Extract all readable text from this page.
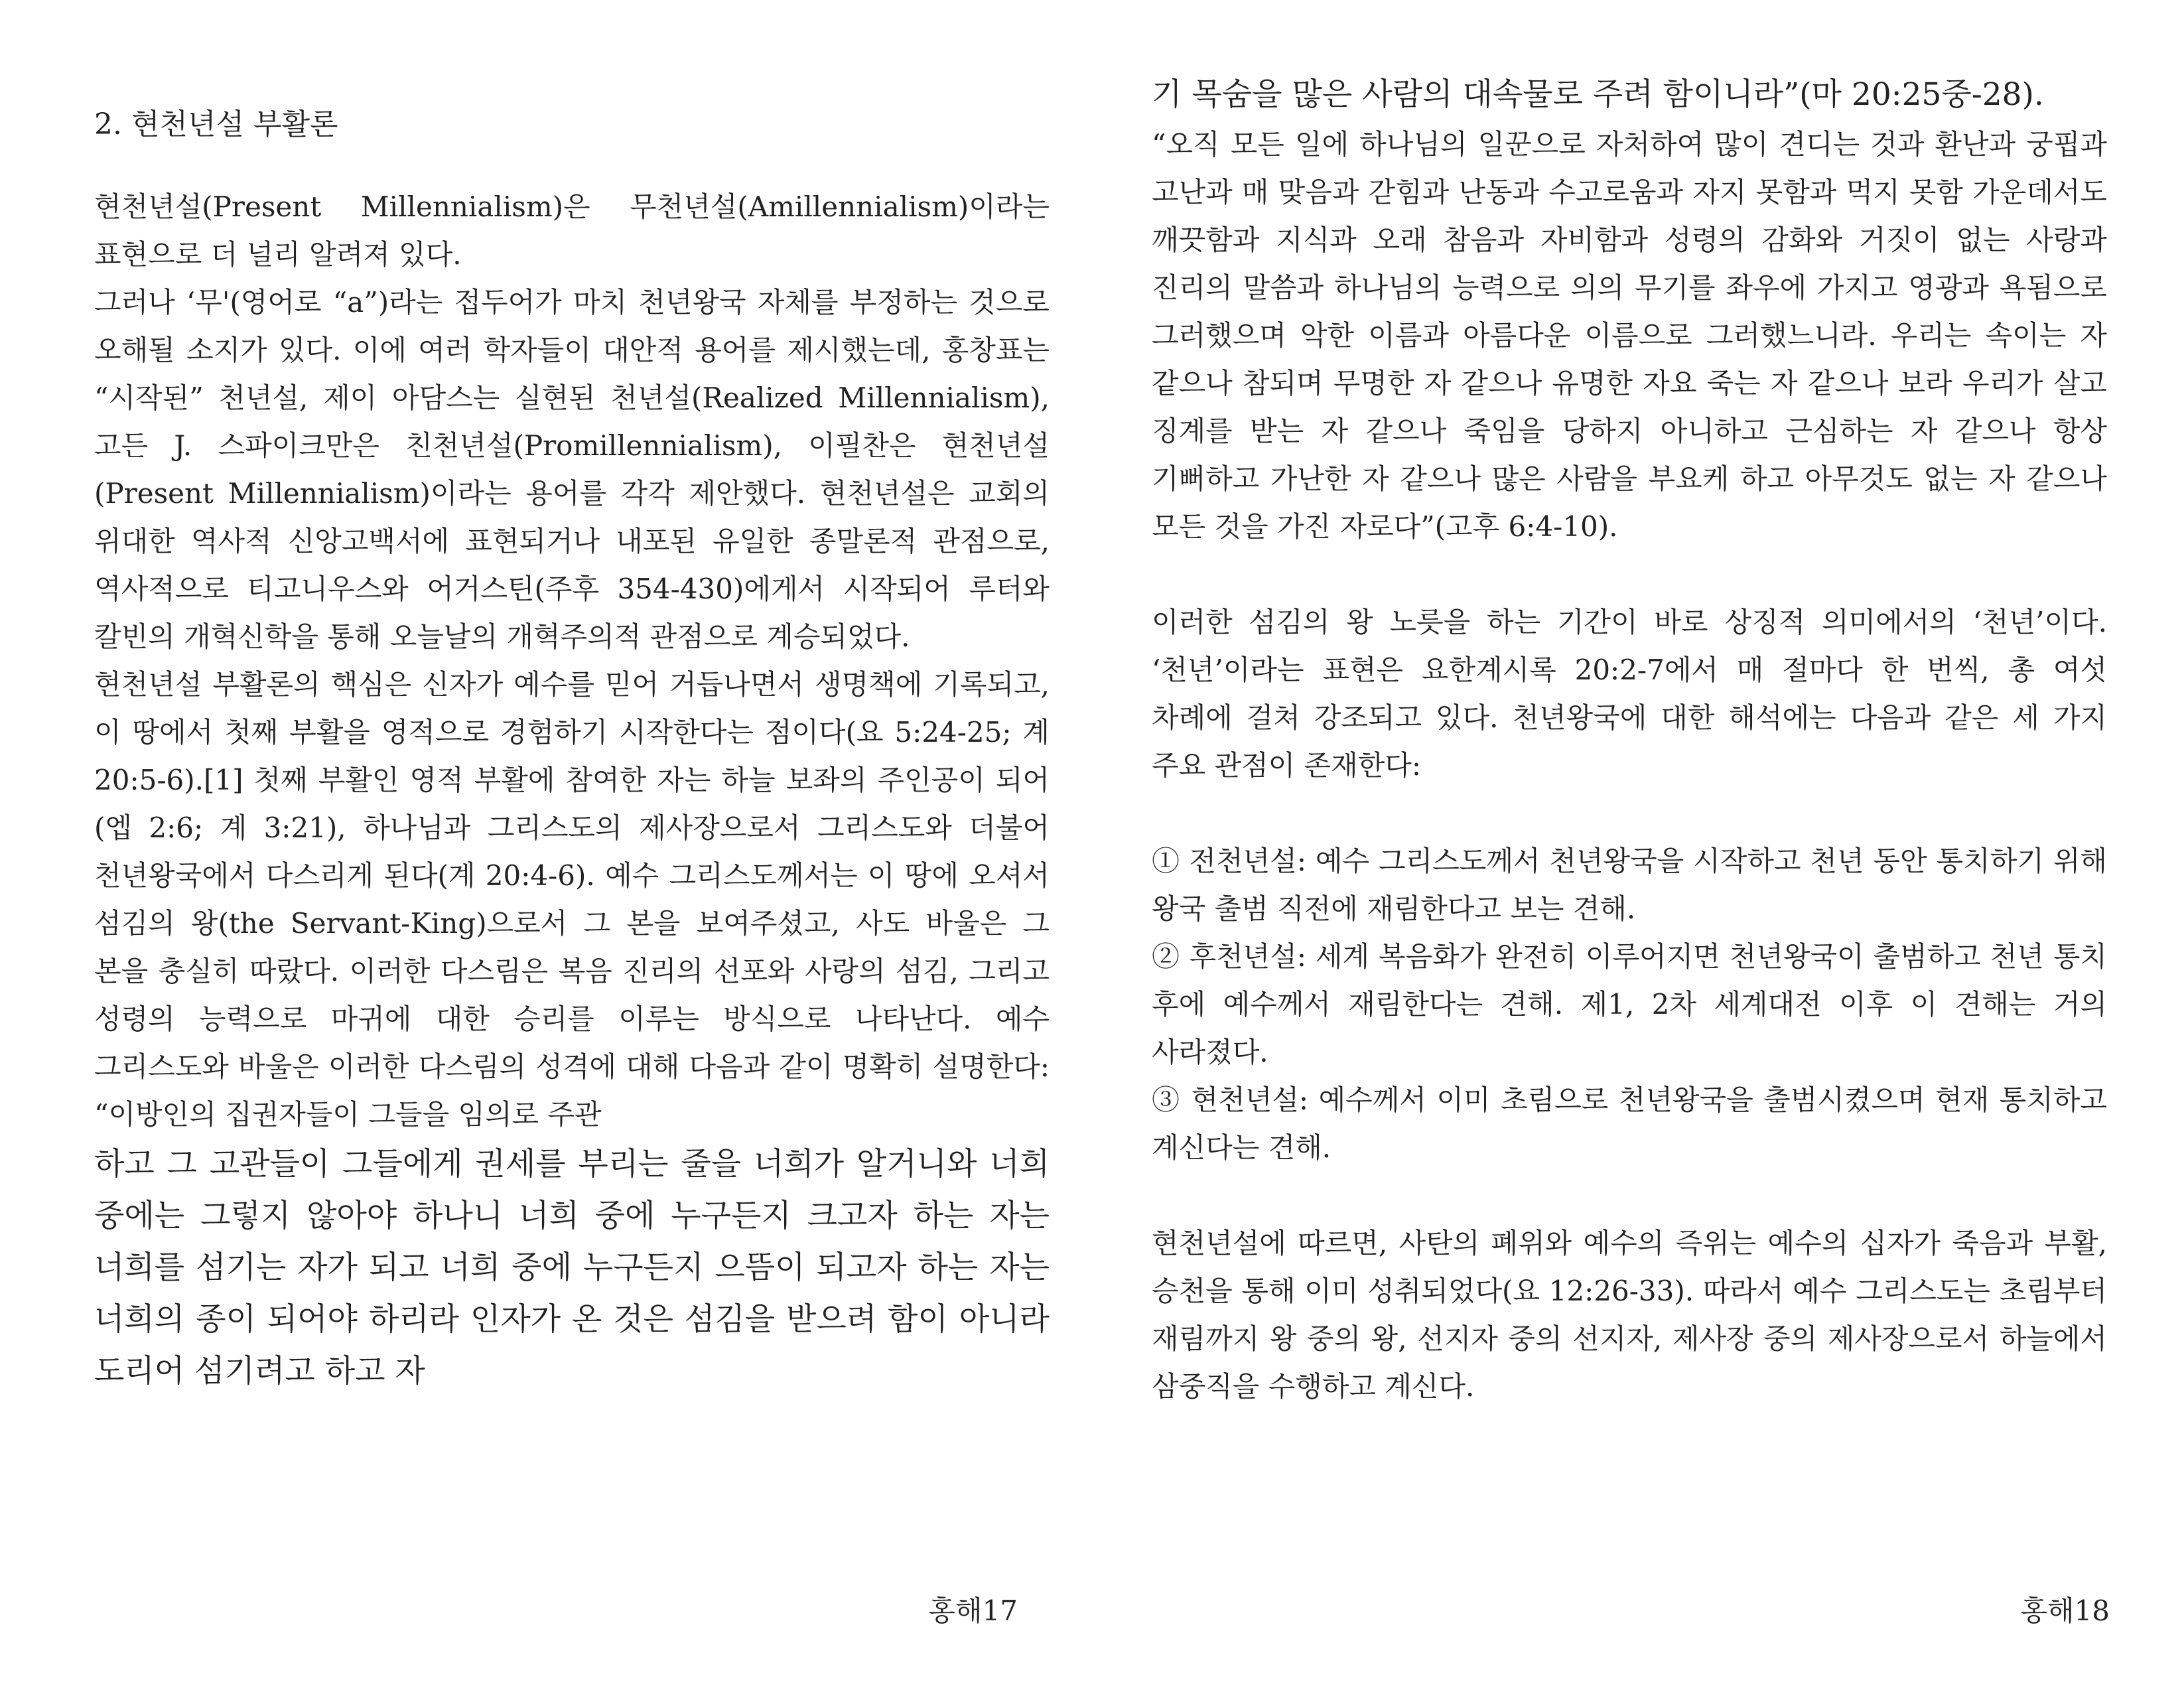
2. 현천년설 부활론

현천년설(Present Millennialism)은 무천년설(Amillennialism)이라는 표현으로 더 널리 알려져 있다.

그러나 ‘무'(영어로 “a”)라는 접두어가 마치 천년왕국 자체를 부정하는 것으로 오해될 소지가 있다. 이에 여러 학자들이 대안적 용어를 제시했는데, 홍창표는 “시작된” 천년설, 제이 아담스는 실현된 천년설(Realized Millennialism), 고든 J. 스파이크만은 친천년설(Promillennialism), 이필찬은 현천년설(Present Millennialism)이라는 용어를 각각 제안했다. 현천년설은 교회의 위대한 역사적 신앙고백서에 표현되거나 내포된 유일한 종말론적 관점으로, 역사적으로 티고니우스와 어거스틴(주후 354-430)에게서 시작되어 루터와 칼빈의 개혁신학을 통해 오늘날의 개혁주의적 관점으로 계승되었다.

현천년설 부활론의 핵심은 신자가 예수를 믿어 거듭나면서 생명책에 기록되고, 이 땅에서 첫째 부활을 영적으로 경험하기 시작한다는 점이다(요 5:24-25; 계 20:5-6).[1] 첫째 부활인 영적 부활에 참여한 자는 하늘 보좌의 주인공이 되어(엡 2:6; 계 3:21), 하나님과 그리스도의 제사장으로서 그리스도와 더불어 천년왕국에서 다스리게 된다(계 20:4-6). 예수 그리스도께서는 이 땅에 오셔서 섬김의 왕(the Servant-King)으로서 그 본을 보여주셨고, 사도 바울은 그 본을 충실히 따랐다. 이러한 다스림은 복음 진리의 선포와 사랑의 섬김, 그리고 성령의 능력으로 마귀에 대한 승리를 이루는 방식으로 나타난다. 예수 그리스도와 바울은 이러한 다스림의 성격에 대해 다음과 같이 명확히 설명한다: “이방인의 집권자들이 그들을 임의로 주관

하고 그 고관들이 그들에게 권세를 부리는 줄을 너희가 알거니와 너희 중에는 그렇지 않아야 하나니 너희 중에 누구든지 크고자 하는 자는 너희를 섬기는 자가 되고 너희 중에 누구든지 으뜸이 되고자 하는 자는 너희의 종이 되어야 하리라 인자가 온 것은 섬김을 받으려 함이 아니라 도리어 섬기려고 하고 자

홍해17

기 목숨을 많은 사람의 대속물로 주려 함이니라”(마 20:25중-28).

“오직 모든 일에 하나님의 일꾼으로 자처하여 많이 견디는 것과 환난과 궁핍과 고난과 매 맞음과 갇힘과 난동과 수고로움과 자지 못함과 먹지 못함 가운데서도 깨끗함과 지식과 오래 참음과 자비함과 성령의 감화와 거짓이 없는 사랑과 진리의 말씀과 하나님의 능력으로 의의 무기를 좌우에 가지고 영광과 욕됨으로 그러했으며 악한 이름과 아름다운 이름으로 그러했느니라. 우리는 속이는 자 같으나 참되며 무명한 자 같으나 유명한 자요 죽는 자 같으나 보라 우리가 살고 징계를 받는 자 같으나 죽임을 당하지 아니하고 근심하는 자 같으나 항상 기뻐하고 가난한 자 같으나 많은 사람을 부요케 하고 아무것도 없는 자 같으나 모든 것을 가진 자로다”(고후 6:4-10).

이러한 섬김의 왕 노릇을 하는 기간이 바로 상징적 의미에서의 ‘천년’이다. ‘천년’이라는 표현은 요한계시록 20:2-7에서 매 절마다 한 번씩, 총 여섯 차례에 걸쳐 강조되고 있다. 천년왕국에 대한 해석에는 다음과 같은 세 가지 주요 관점이 존재한다:

① 전천년설: 예수 그리스도께서 천년왕국을 시작하고 천년 동안 통치하기 위해 왕국 출범 직전에 재림한다고 보는 견해.

② 후천년설: 세계 복음화가 완전히 이루어지면 천년왕국이 출범하고 천년 통치 후에 예수께서 재림한다는 견해. 제1, 2차 세계대전 이후 이 견해는 거의 사라졌다.

③ 현천년설: 예수께서 이미 초림으로 천년왕국을 출범시켰으며 현재 통치하고 계신다는 견해.

현천년설에 따르면, 사탄의 폐위와 예수의 즉위는 예수의 십자가 죽음과 부활, 승천을 통해 이미 성취되었다(요 12:26-33). 따라서 예수 그리스도는 초림부터 재림까지 왕 중의 왕, 선지자 중의 선지자, 제사장 중의 제사장으로서 하늘에서 삼중직을 수행하고 계신다.

홍해18
